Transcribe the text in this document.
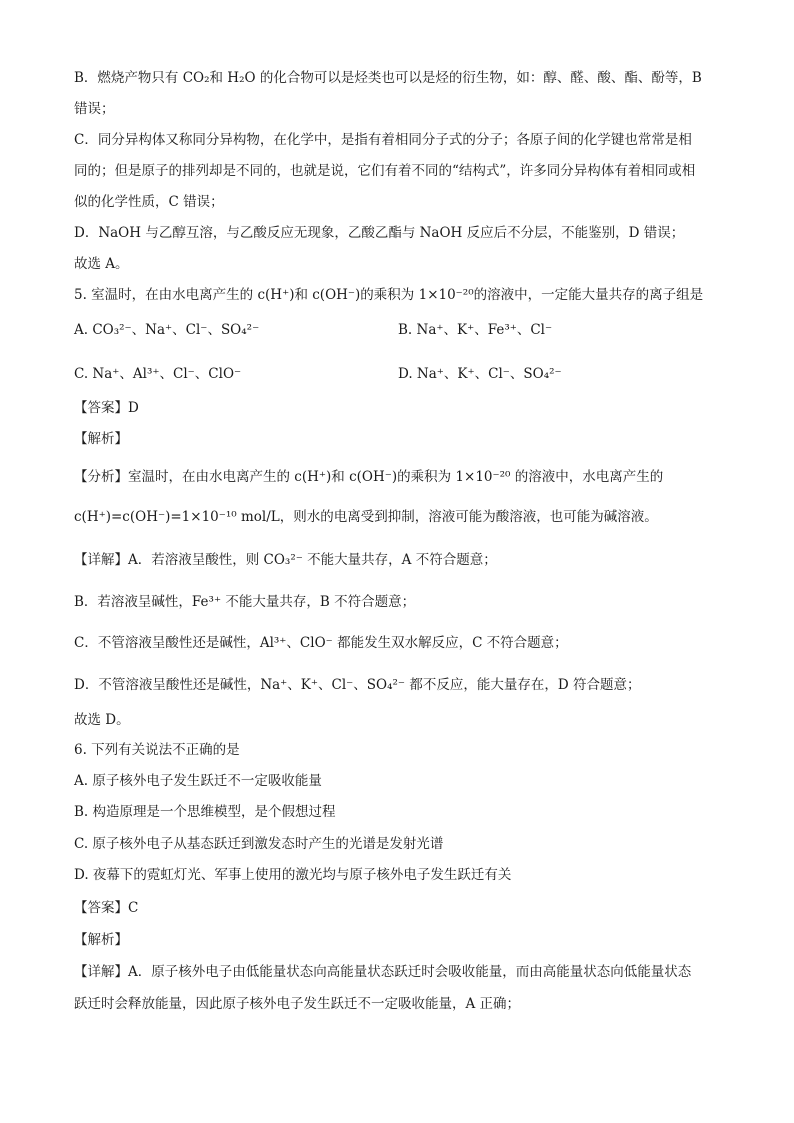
B．燃烧产物只有 CO₂和 H₂O 的化合物可以是烃类也可以是烃的衍生物，如：醇、醛、酸、酯、酚等，B
错误；
C．同分异构体又称同分异构物，在化学中，是指有着相同分子式的分子；各原子间的化学键也常常是相
同的；但是原子的排列却是不同的，也就是说，它们有着不同的“结构式”，许多同分异构体有着相同或相
似的化学性质，C 错误；
D．NaOH 与乙醇互溶，与乙酸反应无现象，乙酸乙酯与 NaOH 反应后不分层，不能鉴别，D 错误；
故选 A。
5. 室温时，在由水电离产生的 c(H⁺)和 c(OH⁻)的乘积为 1×10⁻²⁰的溶液中，一定能大量共存的离子组是
A. CO₃²⁻、Na⁺、Cl⁻、SO₄²⁻	B. Na⁺、K⁺、Fe³⁺、Cl⁻
C. Na⁺、Al³⁺、Cl⁻、ClO⁻	D. Na⁺、K⁺、Cl⁻、SO₄²⁻
【答案】D
【解析】
【分析】室温时，在由水电离产生的 c(H⁺)和 c(OH⁻)的乘积为 1×10⁻²⁰ 的溶液中，水电离产生的
c(H⁺)=c(OH⁻)=1×10⁻¹⁰ mol/L，则水的电离受到抑制，溶液可能为酸溶液，也可能为碱溶液。
【详解】A．若溶液呈酸性，则 CO₃²⁻ 不能大量共存，A 不符合题意；
B．若溶液呈碱性，Fe³⁺ 不能大量共存，B 不符合题意；
C．不管溶液呈酸性还是碱性，Al³⁺、ClO⁻ 都能发生双水解反应，C 不符合题意；
D．不管溶液呈酸性还是碱性，Na⁺、K⁺、Cl⁻、SO₄²⁻ 都不反应，能大量存在，D 符合题意；
故选 D。
6. 下列有关说法不正确的是
A. 原子核外电子发生跃迁不一定吸收能量
B. 构造原理是一个思维模型，是个假想过程
C. 原子核外电子从基态跃迁到激发态时产生的光谱是发射光谱
D. 夜幕下的霓虹灯光、军事上使用的激光均与原子核外电子发生跃迁有关
【答案】C
【解析】
【详解】A．原子核外电子由低能量状态向高能量状态跃迁时会吸收能量，而由高能量状态向低能量状态
跃迁时会释放能量，因此原子核外电子发生跃迁不一定吸收能量，A 正确；
